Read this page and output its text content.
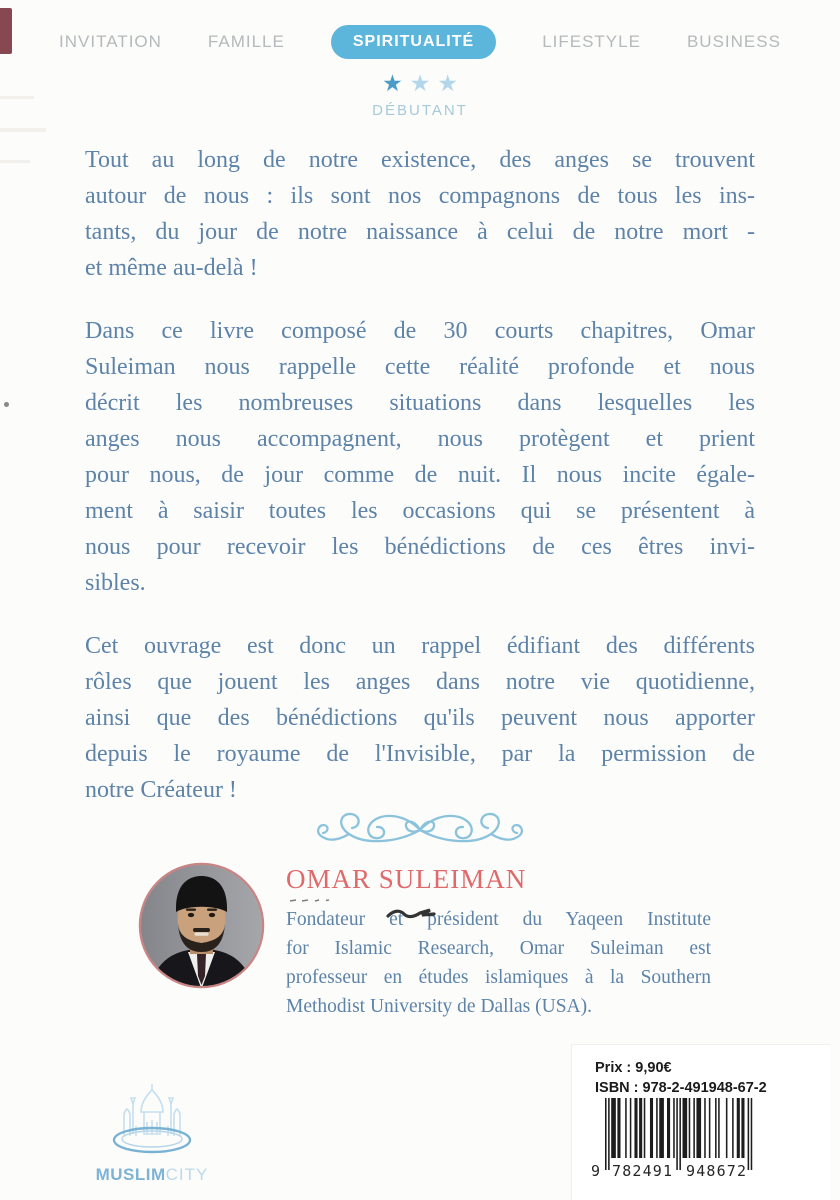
INVITATION	FAMILLE	SPIRITUALITÉ	LIFESTYLE	BUSINESS
★
★
★
DÉBUTANT
Tout au long de notre existence, des anges se trouvent
autour de nous : ils sont nos compagnons de tous les ins-
tants, du jour de notre naissance à celui de notre mort -
et même au-delà !
Dans ce livre composé de 30 courts chapitres, Omar
Suleiman nous rappelle cette réalité profonde et nous
décrit les nombreuses situations dans lesquelles les
anges nous accompagnent, nous protègent et prient
pour nous, de jour comme de nuit. Il nous incite égale-
ment à saisir toutes les occasions qui se présentent à
nous pour recevoir les bénédictions de ces êtres invi-
sibles.
Cet ouvrage est donc un rappel édifiant des différents
rôles que jouent les anges dans notre vie quotidienne,
ainsi que des bénédictions qu'ils peuvent nous apporter
depuis le royaume de l'Invisible, par la permission de
notre Créateur !
OMAR SULEIMAN
Fondateur et président du Yaqeen Institute
for Islamic Research, Omar Suleiman est
professeur en études islamiques à la Southern
Methodist University de Dallas (USA).
MUSLIMCITY
Prix : 9,90€
ISBN : 978-2-491948-67-2
9 782491 948672
